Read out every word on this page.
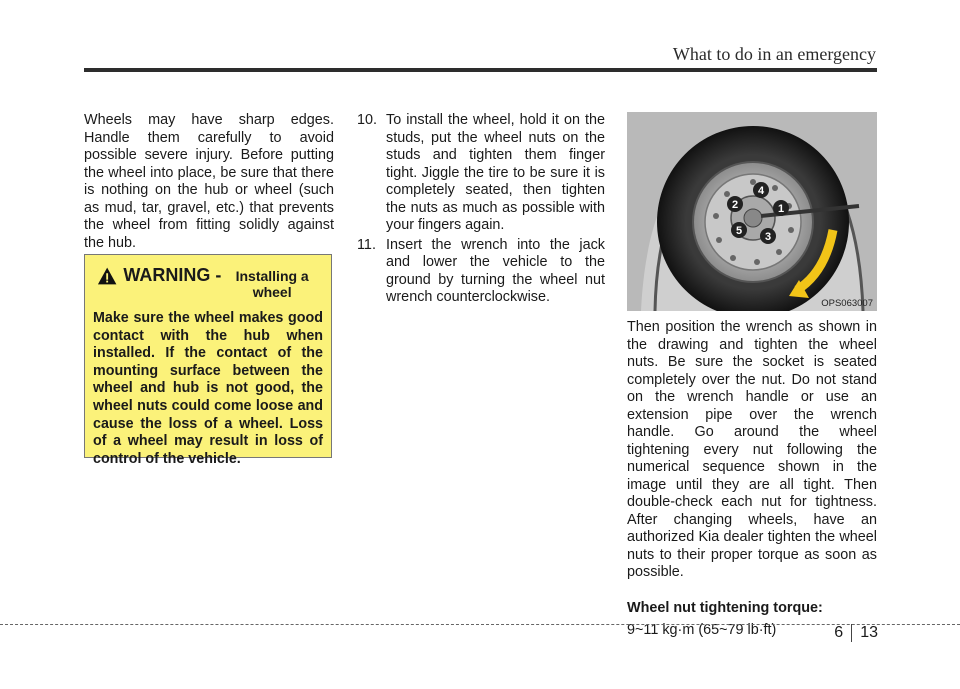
What to do in an emergency

Wheels may have sharp edges. Handle them carefully to avoid possible severe injury. Before putting the wheel into place, be sure that there is nothing on the hub or wheel (such as mud, tar, gravel, etc.) that prevents the wheel from fitting solidly against the hub.

WARNING -	Installing a wheel
Make sure the wheel makes good contact with the hub when installed. If the contact of the mounting surface between the wheel and hub is not good, the wheel nuts could come loose and cause the loss of a wheel. Loss of a wheel may result in loss of control of the vehicle.
10. To install the wheel, hold it on the studs, put the wheel nuts on the studs and tighten them finger tight. Jiggle the tire to be sure it is completely seated, then tighten the nuts as much as possible with your fingers again.
11. Insert the wrench into the jack and lower the vehicle to the ground by turning the wheel nut wrench counterclockwise.
1
2
3
4
5
OPS063007

Then position the wrench as shown in the drawing and tighten the wheel nuts. Be sure the socket is seated completely over the nut. Do not stand on the wrench handle or use an extension pipe over the wrench handle. Go around the wheel tightening every nut following the numerical sequence shown in the image until they are all tight. Then double-check each nut for tightness. After changing wheels, have an authorized Kia dealer tighten the wheel nuts to their proper torque as soon as possible.

Wheel nut tightening torque:
9~11 kg·m (65~79 lb·ft)	6	13
